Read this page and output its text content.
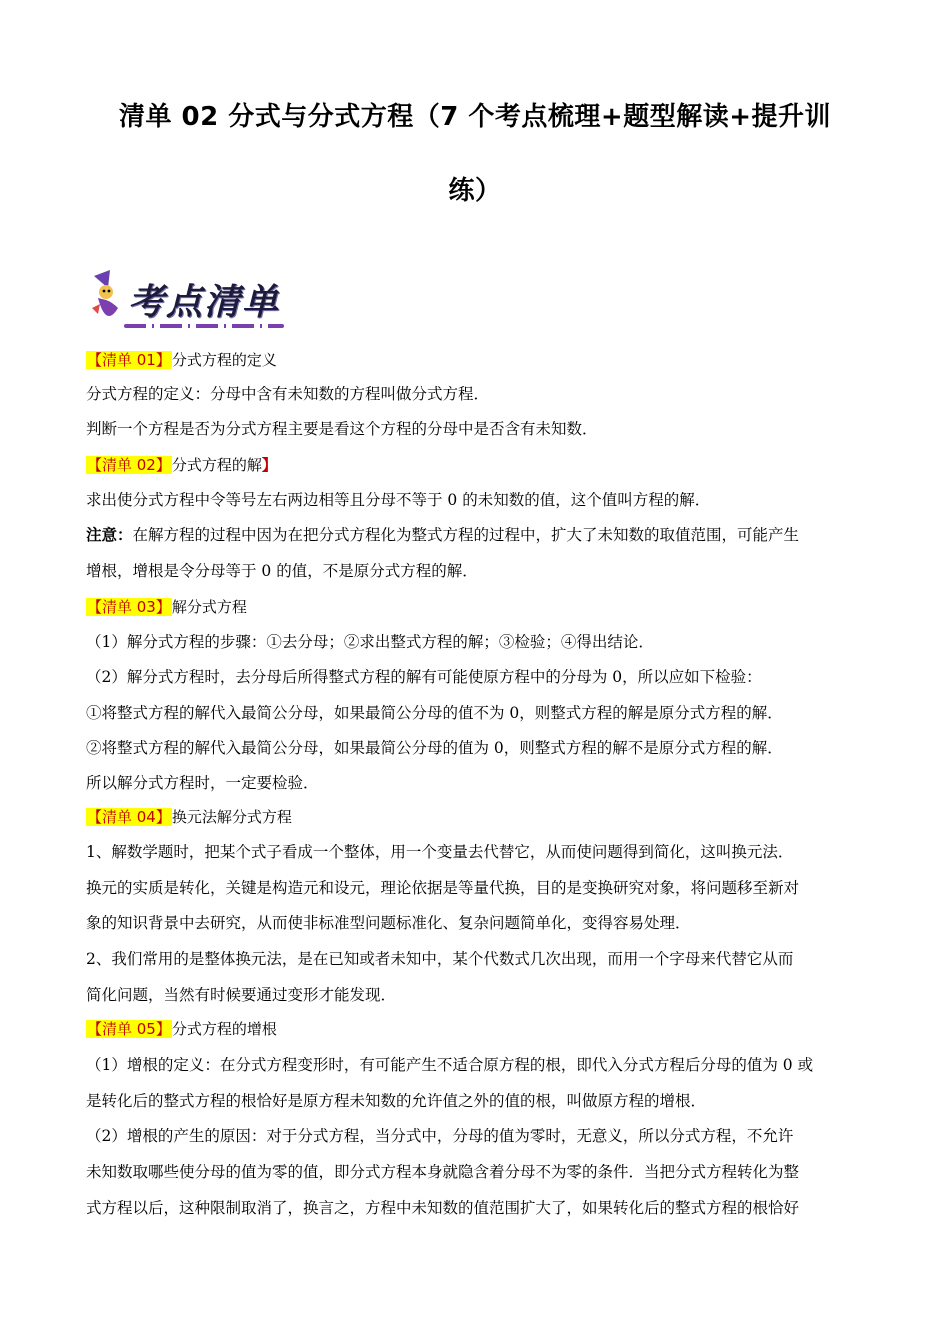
清单 02 分式与分式方程（7 个考点梳理+题型解读+提升训
练）
考点清单
【清单 01】分式方程的定义
分式方程的定义：分母中含有未知数的方程叫做分式方程．
判断一个方程是否为分式方程主要是看这个方程的分母中是否含有未知数．
【清单 02】分式方程的解】
求出使分式方程中令等号左右两边相等且分母不等于 0 的未知数的值，这个值叫方程的解．
注意：在解方程的过程中因为在把分式方程化为整式方程的过程中，扩大了未知数的取值范围，可能产生
增根，增根是令分母等于 0 的值，不是原分式方程的解．
【清单 03】解分式方程
（1）解分式方程的步骤：①去分母；②求出整式方程的解；③检验；④得出结论．
（2）解分式方程时，去分母后所得整式方程的解有可能使原方程中的分母为 0，所以应如下检验：
①将整式方程的解代入最简公分母，如果最简公分母的值不为 0，则整式方程的解是原分式方程的解．
②将整式方程的解代入最简公分母，如果最简公分母的值为 0，则整式方程的解不是原分式方程的解．
所以解分式方程时，一定要检验．
【清单 04】换元法解分式方程
1、解数学题时，把某个式子看成一个整体，用一个变量去代替它，从而使问题得到简化，这叫换元法．
换元的实质是转化，关键是构造元和设元，理论依据是等量代换，目的是变换研究对象，将问题移至新对
象的知识背景中去研究，从而使非标准型问题标准化、复杂问题简单化，变得容易处理．
2、我们常用的是整体换元法，是在已知或者未知中，某个代数式几次出现，而用一个字母来代替它从而
简化问题，当然有时候要通过变形才能发现．
【清单 05】分式方程的增根
（1）增根的定义：在分式方程变形时，有可能产生不适合原方程的根，即代入分式方程后分母的值为 0 或
是转化后的整式方程的根恰好是原方程未知数的允许值之外的值的根，叫做原方程的增根．
（2）增根的产生的原因：对于分式方程，当分式中，分母的值为零时，无意义，所以分式方程，不允许
未知数取哪些使分母的值为零的值，即分式方程本身就隐含着分母不为零的条件．当把分式方程转化为整
式方程以后，这种限制取消了，换言之，方程中未知数的值范围扩大了，如果转化后的整式方程的根恰好
